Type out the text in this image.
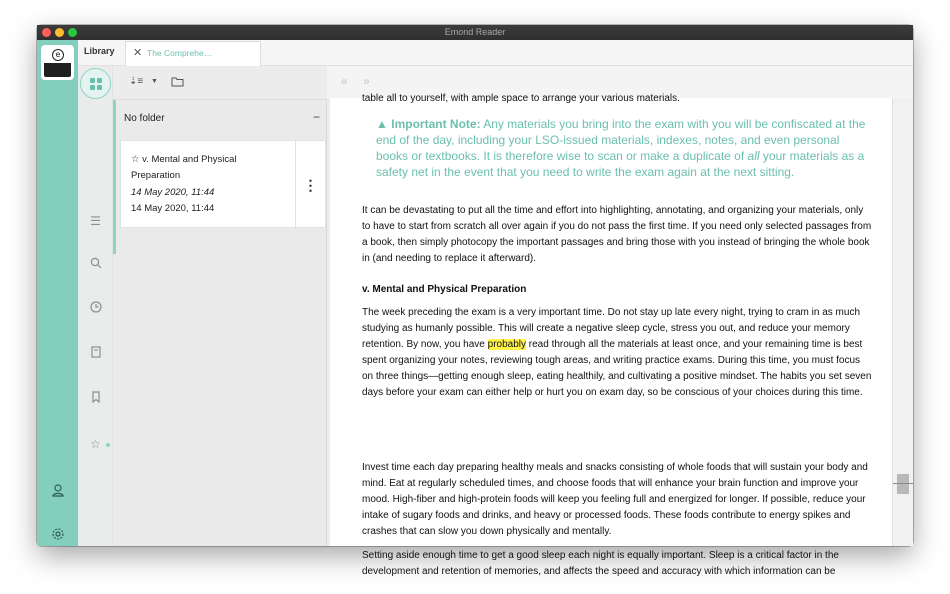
Emond Reader
e	Library ✕ The Comprehe…
☰
☆
⇣≡ ▼
No folder	−
☆ v. Mental and Physical Preparation
14 May 2020, 11:44
14 May 2020, 11:44
⋮
« »

table all to yourself, with ample space to arrange your various materials.

▲ Important Note: Any materials you bring into the exam with you will be confiscated at the end of the day, including your LSO-issued materials, indexes, notes, and even personal books or textbooks. It is therefore wise to scan or make a duplicate of all your materials as a safety net in the event that you need to write the exam again at the next sitting.

It can be devastating to put all the time and effort into highlighting, annotating, and organizing your materials, only to have to start from scratch all over again if you do not pass the first time. If you need only selected passages from a book, then simply photocopy the important passages and bring those with you instead of bringing the whole book in (and needing to replace it afterward).

v. Mental and Physical Preparation

The week preceding the exam is a very important time. Do not stay up late every night, trying to cram in as much studying as humanly possible. This will create a negative sleep cycle, stress you out, and reduce your memory retention. By now, you have probably read through all the materials at least once, and your remaining time is best spent organizing your notes, reviewing tough areas, and writing practice exams. During this time, you must focus on three things—getting enough sleep, eating healthily, and cultivating a positive mindset. The habits you set seven days before your exam can either help or hurt you on exam day, so be conscious of your choices during this time.

Invest time each day preparing healthy meals and snacks consisting of whole foods that will sustain your body and mind. Eat at regularly scheduled times, and choose foods that will enhance your brain function and improve your mood. High-fiber and high-protein foods will keep you feeling full and energized for longer. If possible, reduce your intake of sugary foods and drinks, and heavy or processed foods. These foods contribute to energy spikes and crashes that can slow you down physically and mentally.

Setting aside enough time to get a good sleep each night is equally important. Sleep is a critical factor in the development and retention of memories, and affects the speed and accuracy with which information can be
